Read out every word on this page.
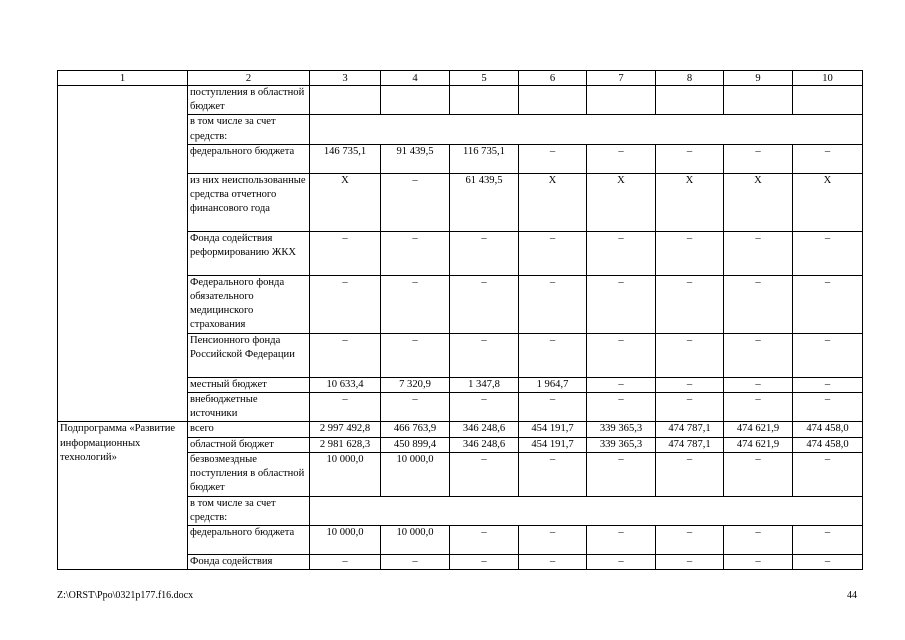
1	2	3	4	5	6	7	8	9	10
	поступления в областной бюджет								
	в том числе за счет средств:								
	федерального бюджета	146 735,1	91 439,5	116 735,1	–	–	–	–	–
	из них неиспользованные средства отчетного финансового года	Х	–	61 439,5	Х	Х	Х	Х	Х
	Фонда содействия реформированию ЖКХ	–	–	–	–	–	–	–	–
	Федерального фонда обязательного медицинского страхования	–	–	–	–	–	–	–	–
	Пенсионного фонда Российской Федерации	–	–	–	–	–	–	–	–
	местный бюджет	10 633,4	7 320,9	1 347,8	1 964,7	–	–	–	–
	внебюджетные источники	–	–	–	–	–	–	–	–
Подпрограмма «Развитие информационных технологий»	всего	2 997 492,8	466 763,9	346 248,6	454 191,7	339 365,3	474 787,1	474 621,9	474 458,0
	областной бюджет	2 981 628,3	450 899,4	346 248,6	454 191,7	339 365,3	474 787,1	474 621,9	474 458,0
	безвозмездные поступления в областной бюджет	10 000,0	10 000,0	–	–	–	–	–	–
	в том числе за счет средств:								
	федерального бюджета	10 000,0	10 000,0	–	–	–	–	–	–
	Фонда содействия	–	–	–	–	–	–	–	–
Z:\ORST\Ppo\0321p177.f16.docx	44
